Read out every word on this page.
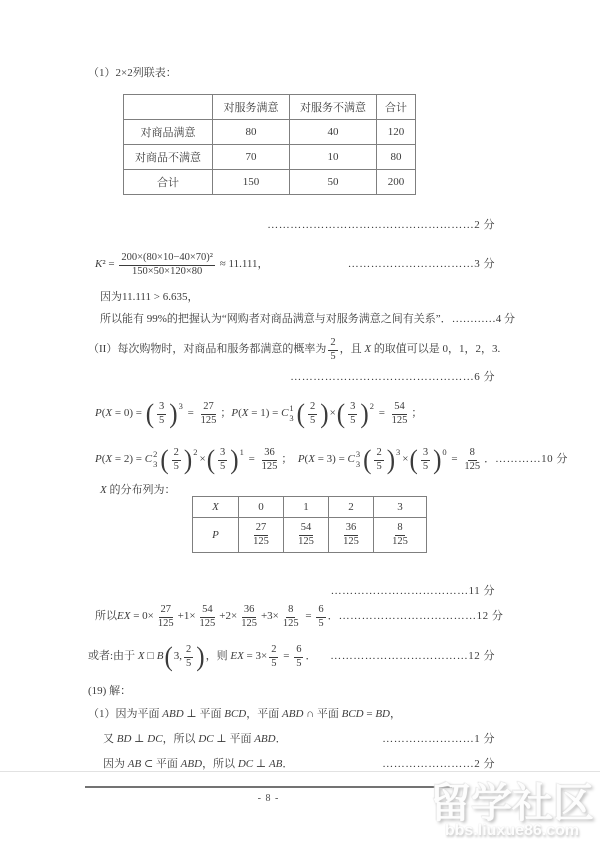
（1）2×2列联表：
	对服务满意	对服务不满意	合计
对商品满意	80	40	120
对商品不满意	70	10	80
合计	150	50	200
………………………………………………2 分
K $^2 = \frac{\text{200×(80×10−40×70)²}}{150\times 50\times 120\times 80} \approx 11.111$，	……………………………3 分
因为11.111 > 6.635，
所以能有 99%的把握认为“网购者对商品满意与对服务满意之间有关系”． …………4 分
（II）每次购物时，对商品和服务都满意的概率为 $\frac{2}{5}$ ，且 X 的取值可以是 0，1，2，3.
…………………………………………6 分
P ( X = 0) = ( $\frac{3}{5}$ ) 3
= $\frac{27}{125}$ ； P ( X = 1) = C 1
3 ( $\frac{2}{5}$ ) × ( $\frac{3}{5}$ ) 2
= $\frac{54}{125}$ ；
P ( X = 2) = C 2
3 ( $\frac{2}{5}$ ) 2
× ( $\frac{3}{5}$ ) 1
= $\frac{36}{125}$ ； P ( X = 3) = C 3
3 ( $\frac{2}{5}$ ) 3
× ( $\frac{3}{5}$ ) 0
= $\frac{8}{125}$ ． …………10 分
X 的分布列为：
X	0	1	2	3
P	$\frac{27}{125}$	$\frac{54}{125}$	$\frac{36}{125}$	$\frac{8}{125}$
………………………………11 分
所以 EX = $0\times \frac{27}{125} +1\times \frac{54}{125} +2\times \frac{36}{125} +3\times \frac{8}{125} = \frac{6}{5}$ ． ………………………………12 分
或者:由于 X □ B ( 3, $\frac{2}{5}$ ) ，则 EX = $3\times \frac{2}{5} = \frac{6}{5}$ ． ………………………………12 分
(19) 解：
（1）因为平面 ABD ⊥ 平面 BCD ，平面 ABD ∩ 平面 BCD = BD ，
又 BD ⊥ DC ，所以 DC ⊥ 平面 ABD ．	……………………1 分
因为 AB ⊂ 平面 ABD ，所以 DC ⊥ AB ．	……………………2 分
- 8 -	留学社区
bbs.liuxue86.com
